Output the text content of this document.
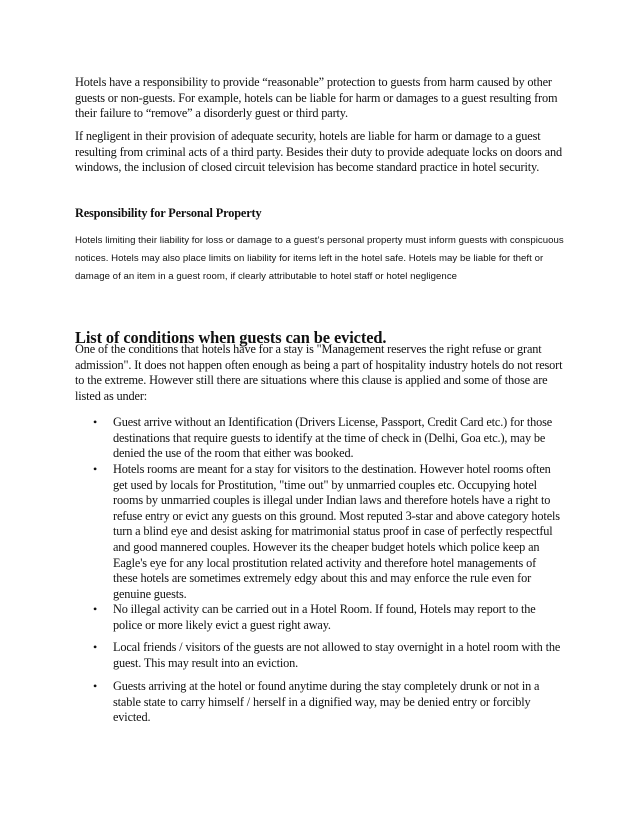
Hotels have a responsibility to provide “reasonable” protection to guests from harm caused by other guests or non-guests. For example, hotels can be liable for harm or damages to a guest resulting from their failure to “remove” a disorderly guest or third party.

If negligent in their provision of adequate security, hotels are liable for harm or damage to a guest resulting from criminal acts of a third party. Besides their duty to provide adequate locks on doors and windows, the inclusion of closed circuit television has become standard practice in hotel security.

Responsibility for Personal Property

Hotels limiting their liability for loss or damage to a guest’s personal property must inform guests with conspicuous notices. Hotels may also place limits on liability for items left in the hotel safe. Hotels may be liable for theft or damage of an item in a guest room, if clearly attributable to hotel staff or hotel negligence

List of conditions when guests can be evicted.

One of the conditions that hotels have for a stay is "Management reserves the right refuse or grant admission". It does not happen often enough as being a part of hospitality industry hotels do not resort to the extreme. However still there are situations where this clause is applied and some of those are listed as under:

• Guest arrive without an Identification (Drivers License, Passport, Credit Card etc.) for those destinations that require guests to identify at the time of check in (Delhi, Goa etc.), may be denied the use of the room that either was booked.
• Hotels rooms are meant for a stay for visitors to the destination. However hotel rooms often get used by locals for Prostitution, "time out" by unmarried couples etc. Occupying hotel rooms by unmarried couples is illegal under Indian laws and therefore hotels have a right to refuse entry or evict any guests on this ground. Most reputed 3-star and above category hotels turn a blind eye and desist asking for matrimonial status proof in case of perfectly respectful and good mannered couples. However its the cheaper budget hotels which police keep an Eagle's eye for any local prostitution related activity and therefore hotel managements of these hotels are sometimes extremely edgy about this and may enforce the rule even for genuine guests.
• No illegal activity can be carried out in a Hotel Room. If found, Hotels may report to the police or more likely evict a guest right away.
• Local friends / visitors of the guests are not allowed to stay overnight in a hotel room with the guest. This may result into an eviction.
• Guests arriving at the hotel or found anytime during the stay completely drunk or not in a stable state to carry himself / herself in a dignified way, may be denied entry or forcibly evicted.
